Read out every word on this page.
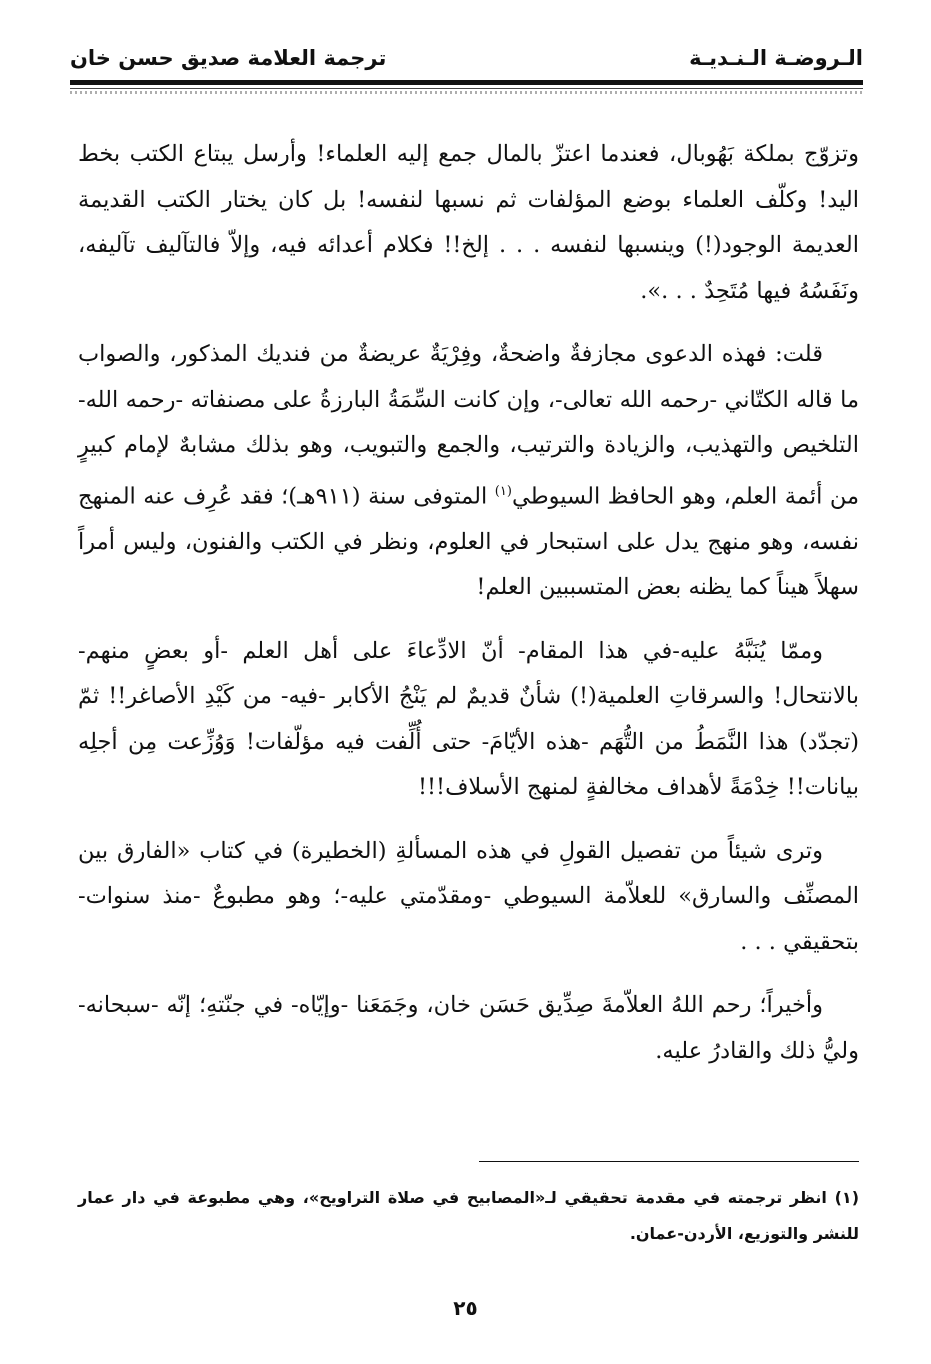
الـروضـة الـنـديـة
ترجمة العلامة صديق حسن خان

وتزوّج بملكة بَهُوبال، فعندما اعتزّ بالمال جمع إليه العلماء! وأرسل يبتاع الكتب بخط اليد! وكلّف العلماء بوضع المؤلفات ثم نسبها لنفسه! بل كان يختار الكتب القديمة العديمة الوجود(!) وينسبها لنفسه . . . إلخ!! فكلام أعدائه فيه، وإلاّ فالتآليف تآليفه، ونَفَسُهُ فيها مُتَحِدٌ . . .».

قلت: فهذه الدعوى مجازفةٌ واضحةٌ، وفِرْيَةٌ عريضةٌ من فنديك المذكور، والصواب ما قاله الكتّاني -رحمه الله تعالى-، وإن كانت السِّمَةُ البارزةُ على مصنفاته -رحمه الله- التلخيص والتهذيب، والزيادة والترتيب، والجمع والتبويب، وهو بذلك مشابهٌ لإمام كبيرٍ من أئمة العلم، وهو الحافظ السيوطي$^{(١)}$ المتوفى سنة (٩١١هـ)؛ فقد عُرِف عنه المنهج نفسه، وهو منهج يدل على استبحار في العلوم، ونظر في الكتب والفنون، وليس أمراً سهلاً هيناً كما يظنه بعض المتسببين العلم!

وممّا يُنَبَّهُ عليه-في هذا المقام- أنّ الادِّعاءَ على أهل العلم -أو بعضٍ منهم- بالانتحال! والسرقاتِ العلمية(!) شأنٌ قديمٌ لم يَنْجُ الأكابر -فيه- من كَيْدِ الأصاغر!! ثمّ (تجدّد) هذا النَّمَطُ من التُّهَم -هذه الأيّامَ- حتى أُلِّفت فيه مؤلّفات! وَوُزِّعت مِن أجلِه بيانات!! خِدْمَةً لأهداف مخالفةٍ لمنهج الأسلاف!!!

وترى شيئاً من تفصيل القولِ في هذه المسألةِ (الخطيرة) في كتاب «الفارق بين المصنِّف والسارق» للعلاّمة السيوطي -ومقدّمتي عليه-؛ وهو مطبوعٌ -منذ سنوات- بتحقيقي . . .

وأخيراً؛ رحم اللهُ العلاّمةَ صِدِّيق حَسَن خان، وجَمَعَنا -وإيّاه- في جنّتهِ؛ إنّه -سبحانه- وليُّ ذلك والقادرُ عليه.

(١) انظر ترجمته في مقدمة تحقيقي لـ«المصابيح في صلاة التراويح»، وهي مطبوعة في دار عمار للنشر والتوزيع، الأردن-عمان.
٢٥
